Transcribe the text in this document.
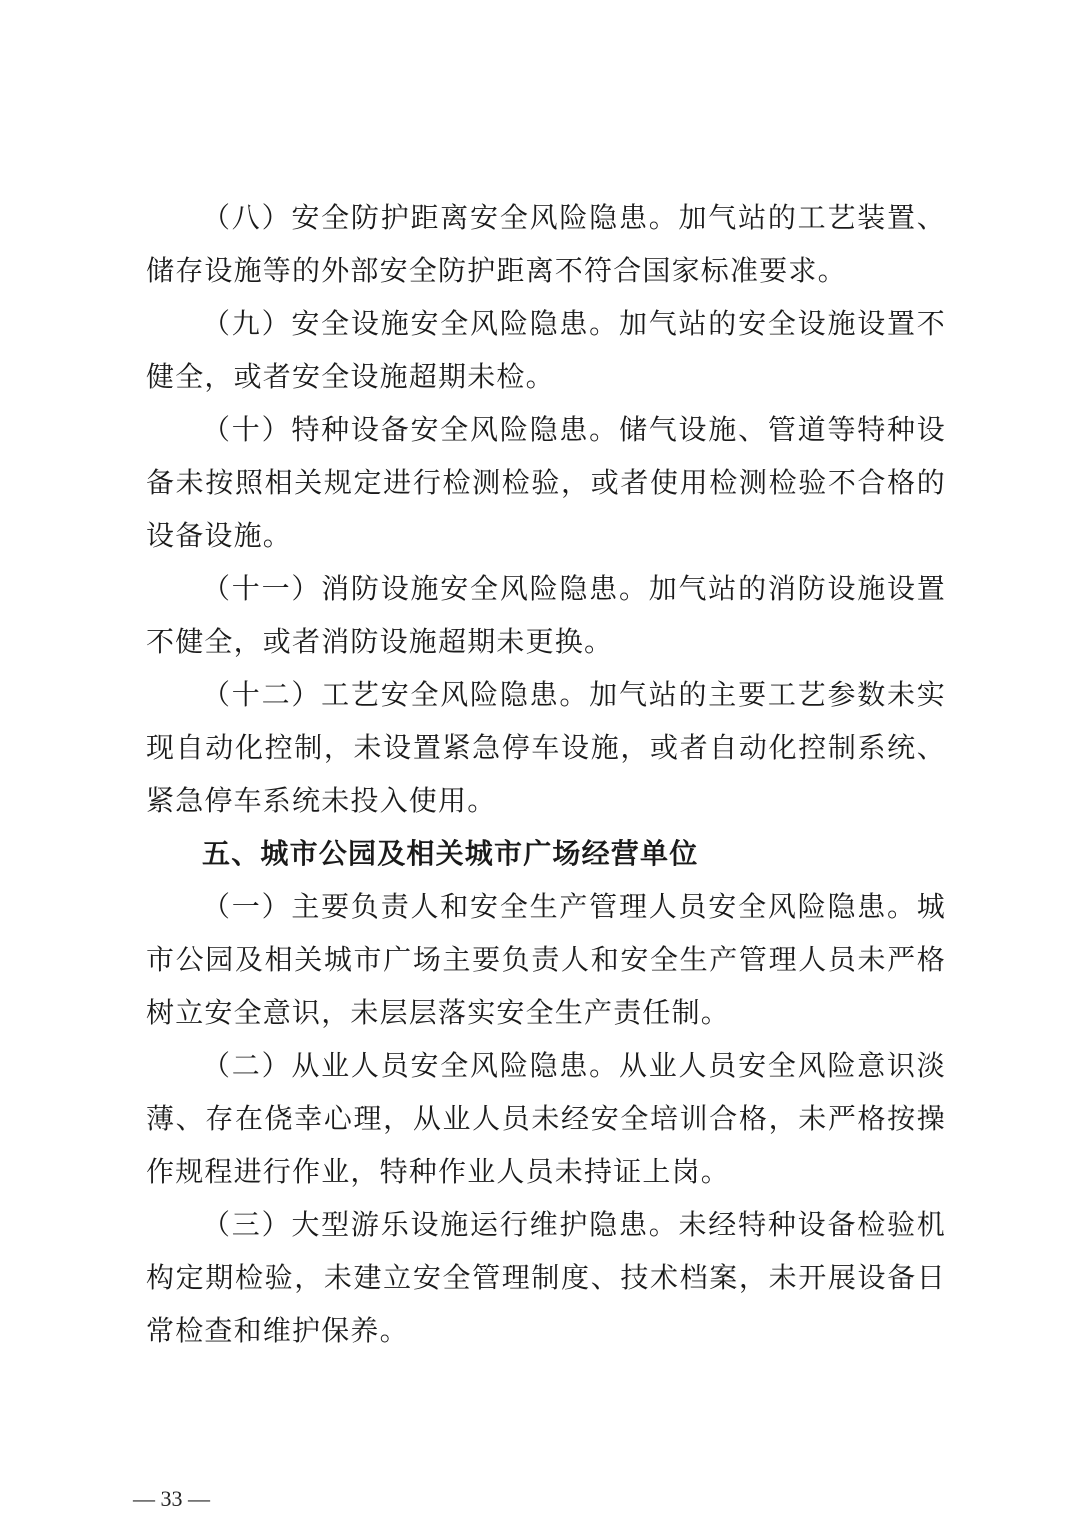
（八）安全防护距离安全风险隐患。加气站的工艺装置、储存设施等的外部安全防护距离不符合国家标准要求。

（九）安全设施安全风险隐患。加气站的安全设施设置不健全，或者安全设施超期未检。

（十）特种设备安全风险隐患。储气设施、管道等特种设备未按照相关规定进行检测检验，或者使用检测检验不合格的设备设施。

（十一）消防设施安全风险隐患。加气站的消防设施设置不健全，或者消防设施超期未更换。

（十二）工艺安全风险隐患。加气站的主要工艺参数未实现自动化控制，未设置紧急停车设施，或者自动化控制系统、紧急停车系统未投入使用。

五、城市公园及相关城市广场经营单位

（一）主要负责人和安全生产管理人员安全风险隐患。城市公园及相关城市广场主要负责人和安全生产管理人员未严格树立安全意识，未层层落实安全生产责任制。

（二）从业人员安全风险隐患。从业人员安全风险意识淡薄、存在侥幸心理，从业人员未经安全培训合格，未严格按操作规程进行作业，特种作业人员未持证上岗。

（三）大型游乐设施运行维护隐患。未经特种设备检验机构定期检验，未建立安全管理制度、技术档案，未开展设备日常检查和维护保养。

— 33 —
